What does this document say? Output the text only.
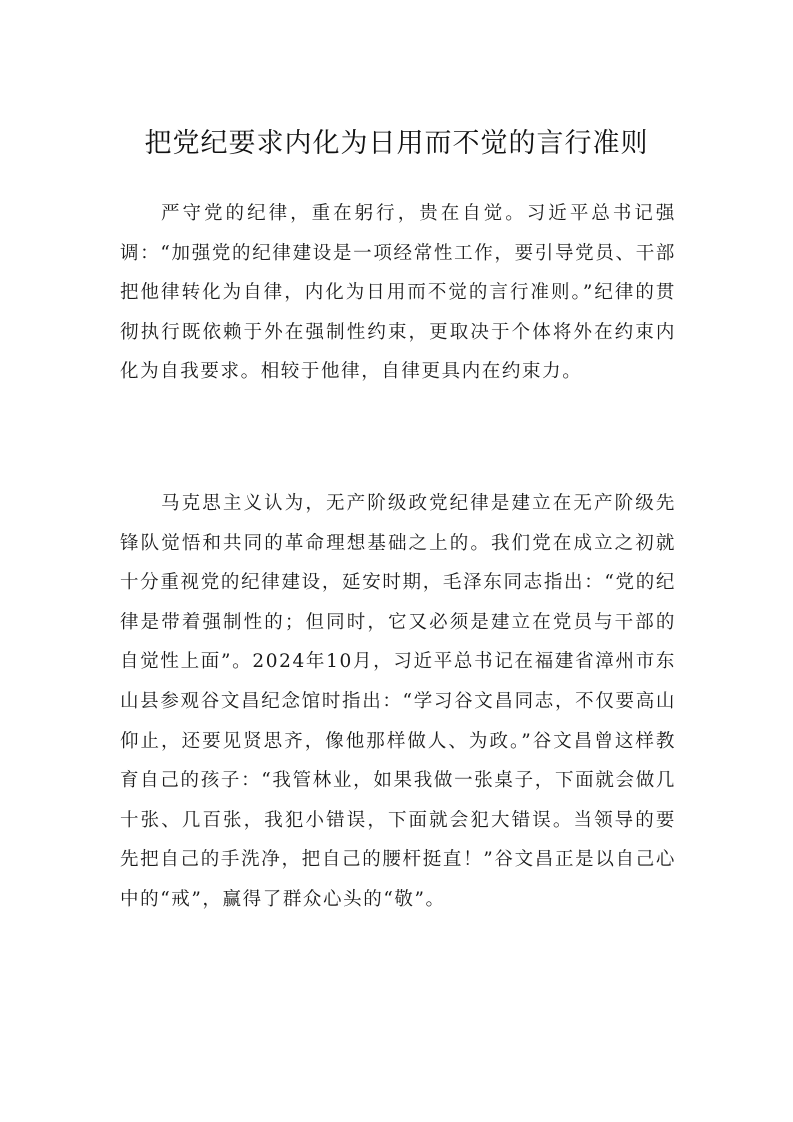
把党纪要求内化为日用而不觉的言行准则

严守党的纪律，重在躬行，贵在自觉。习近平总书记强调：“加强党的纪律建设是一项经常性工作，要引导党员、干部把他律转化为自律，内化为日用而不觉的言行准则。”纪律的贯彻执行既依赖于外在强制性约束，更取决于个体将外在约束内化为自我要求。相较于他律，自律更具内在约束力。

马克思主义认为，无产阶级政党纪律是建立在无产阶级先锋队觉悟和共同的革命理想基础之上的。我们党在成立之初就十分重视党的纪律建设，延安时期，毛泽东同志指出：“党的纪律是带着强制性的；但同时，它又必须是建立在党员与干部的自觉性上面”。2024年10月，习近平总书记在福建省漳州市东山县参观谷文昌纪念馆时指出：“学习谷文昌同志，不仅要高山仰止，还要见贤思齐，像他那样做人、为政。”谷文昌曾这样教育自己的孩子：“我管林业，如果我做一张桌子，下面就会做几十张、几百张，我犯小错误，下面就会犯大错误。当领导的要先把自己的手洗净，把自己的腰杆挺直！”谷文昌正是以自己心中的“戒”，赢得了群众心头的“敬”。
